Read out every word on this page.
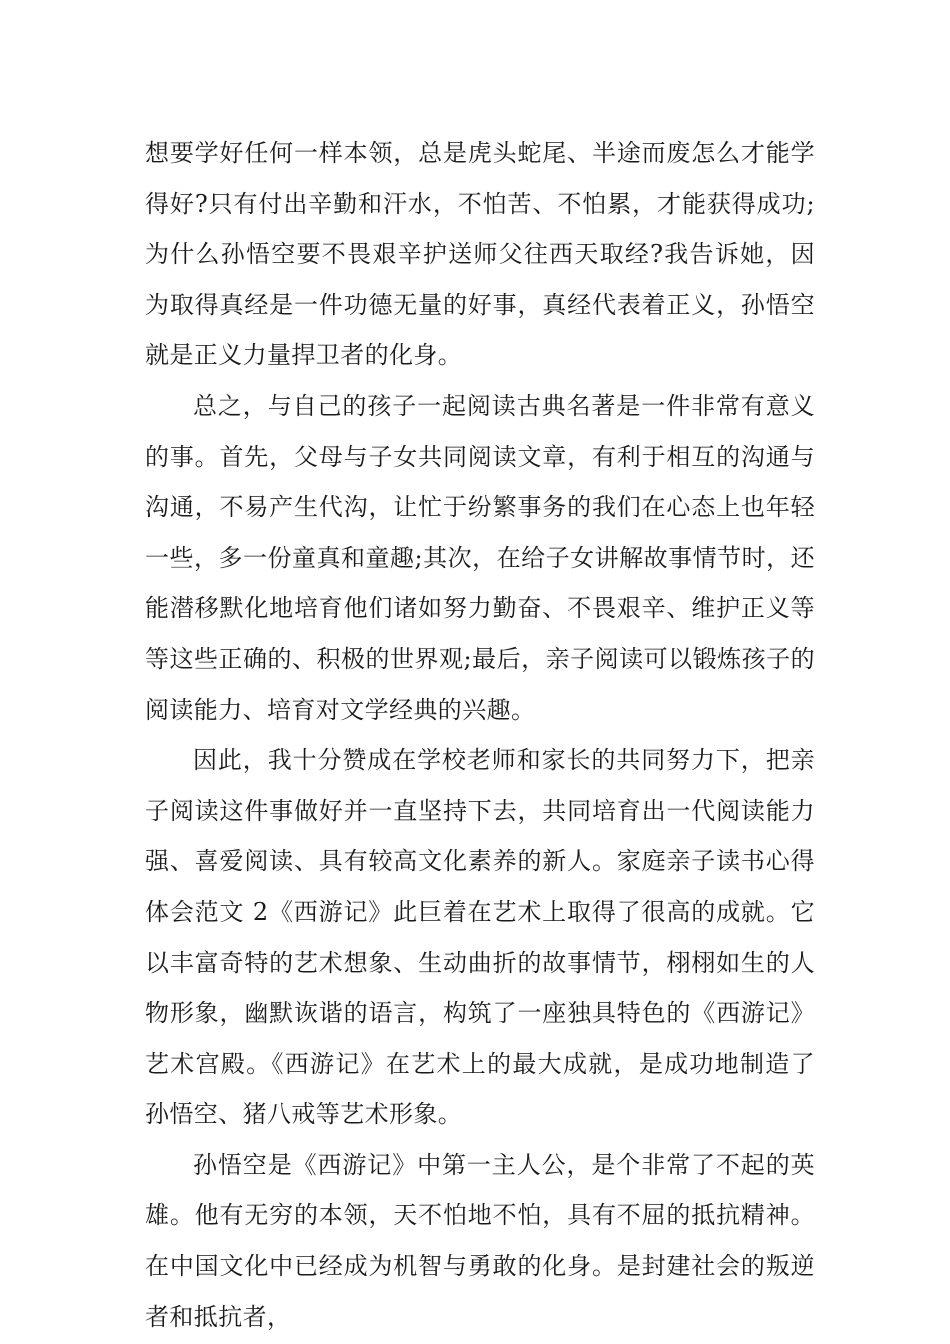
想要学好任何一样本领，总是虎头蛇尾、半途而废怎么才能学得好?只有付出辛勤和汗水，不怕苦、不怕累，才能获得成功;为什么孙悟空要不畏艰辛护送师父往西天取经?我告诉她，因为取得真经是一件功德无量的好事，真经代表着正义，孙悟空就是正义力量捍卫者的化身。

总之，与自己的孩子一起阅读古典名著是一件非常有意义的事。首先，父母与子女共同阅读文章，有利于相互的沟通与沟通，不易产生代沟，让忙于纷繁事务的我们在心态上也年轻一些，多一份童真和童趣;其次，在给子女讲解故事情节时，还能潜移默化地培育他们诸如努力勤奋、不畏艰辛、维护正义等等这些正确的、积极的世界观;最后，亲子阅读可以锻炼孩子的阅读能力、培育对文学经典的兴趣。

因此，我十分赞成在学校老师和家长的共同努力下，把亲子阅读这件事做好并一直坚持下去，共同培育出一代阅读能力强、喜爱阅读、具有较高文化素养的新人。家庭亲子读书心得体会范文 2《西游记》此巨着在艺术上取得了很高的成就。它以丰富奇特的艺术想象、生动曲折的故事情节，栩栩如生的人物形象，幽默诙谐的语言，构筑了一座独具特色的《西游记》艺术宫殿。《西游记》在艺术上的最大成就，是成功地制造了孙悟空、猪八戒等艺术形象。

孙悟空是《西游记》中第一主人公，是个非常了不起的英雄。他有无穷的本领，天不怕地不怕，具有不屈的抵抗精神。在中国文化中已经成为机智与勇敢的化身。是封建社会的叛逆者和抵抗者，
